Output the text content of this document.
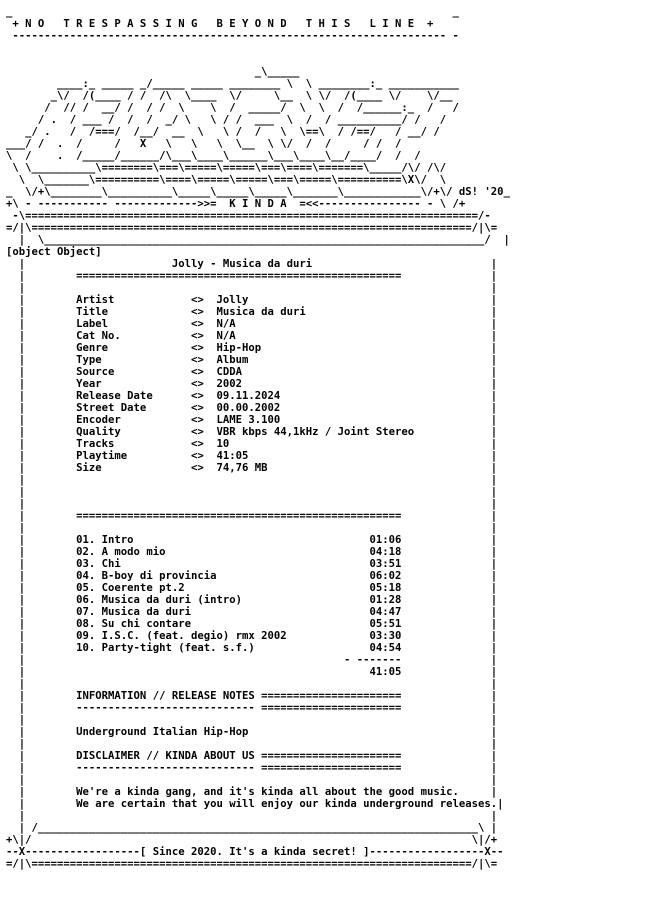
_                                                                     _
+ N O   T R E S P A S S I N G   B E Y O N D   T H I S   L I N E  +
-------------------------------------------------------------------- -
_\_____
____:_ _____ _/_____ _____ ________ \  \ ________:_ ___________
_\/  /(____ / /  /\  \____  \/     \__  \ \/  /(____ \/    \/__
/  // /  __/ /  / /  \    \  /  _____/  \  \  /  /______:_  /   /
/ .  / ___ /  /  /  _/ \   \ / /  ___  \  /  / __________/ /   /
_/ .   /  /===/  /__/  __  \   \ /  /   \  \==\  / /==/   / __/ /
___/ /  .  /     /   X   \   \   \  \__  \ \/  /  /     / /  /
\  /    .  /_____/______/\___\____\______\___\____\__/____/  /  /
\ \__________\========\===\=====\=====\===\====\=======\_____/\/ /\/
\  \_______\==========\====\=====\=====\===\=====\==========\X\/  \
_  \/+\________\__________\_____\_____\_____\_______\____________\/+\/ dS! '20_
+\ - ----------- ------------->>=  K I N D A  =<<---------------- - \ /+
-\=======================================================================/-
=/|\=====================================================================/|\=
|  \_____________________________________________________________________/  |
[object Object]
|                       Jolly - Musica da duri                            |
|        ===================================================              |
|                                                                         |
|        Artist            <>  Jolly                                      |
|        Title             <>  Musica da duri                             |
|        Label             <>  N/A                                        |
|        Cat No.           <>  N/A                                        |
|        Genre             <>  Hip-Hop                                    |
|        Type              <>  Album                                      |
|        Source            <>  CDDA                                       |
|        Year              <>  2002                                       |
|        Release Date      <>  09.11.2024                                 |
|        Street Date       <>  00.00.2002                                 |
|        Encoder           <>  LAME 3.100                                 |
|        Quality           <>  VBR kbps 44,1kHz / Joint Stereo            |
|        Tracks            <>  10                                         |
|        Playtime          <>  41:05                                      |
|        Size              <>  74,76 MB                                   |
|                                                                         |
|                                                                         |
|                                                                         |
|        ===================================================              |
|                                                                         |
|        01. Intro                                     01:06              |
|        02. A modo mio                                04:18              |
|        03. Chi                                       03:51              |
|        04. B-boy di provincia                        06:02              |
|        05. Coerente pt.2                             05:18              |
|        06. Musica da duri (intro)                    01:28              |
|        07. Musica da duri                            04:47              |
|        08. Su chi contare                            05:51              |
|        09. I.S.C. (feat. degio) rmx 2002             03:30              |
|        10. Party-tight (feat. s.f.)                  04:54              |
|                                                  - -------              |
|                                                      41:05              |
|                                                                         |
|        INFORMATION // RELEASE NOTES ======================              |
|        ---------------------------- ======================              |
|                                                                         |
|        Underground Italian Hip-Hop                                      |
|                                                                         |
|        DISCLAIMER // KINDA ABOUT US ======================              |
|        ---------------------------- ======================              |
|                                                                         |
|        We're a kinda gang, and it's kinda all about the good music.     |
|        We are certain that you will enjoy our kinda underground releases.|
|                                                                         |
| /_____________________________________________________________________\ |
+\|/                                                                     \|/+
--X------------------[ Since 2020. It's a kinda secret! ]------------------X--
=/|\=====================================================================/|\=
